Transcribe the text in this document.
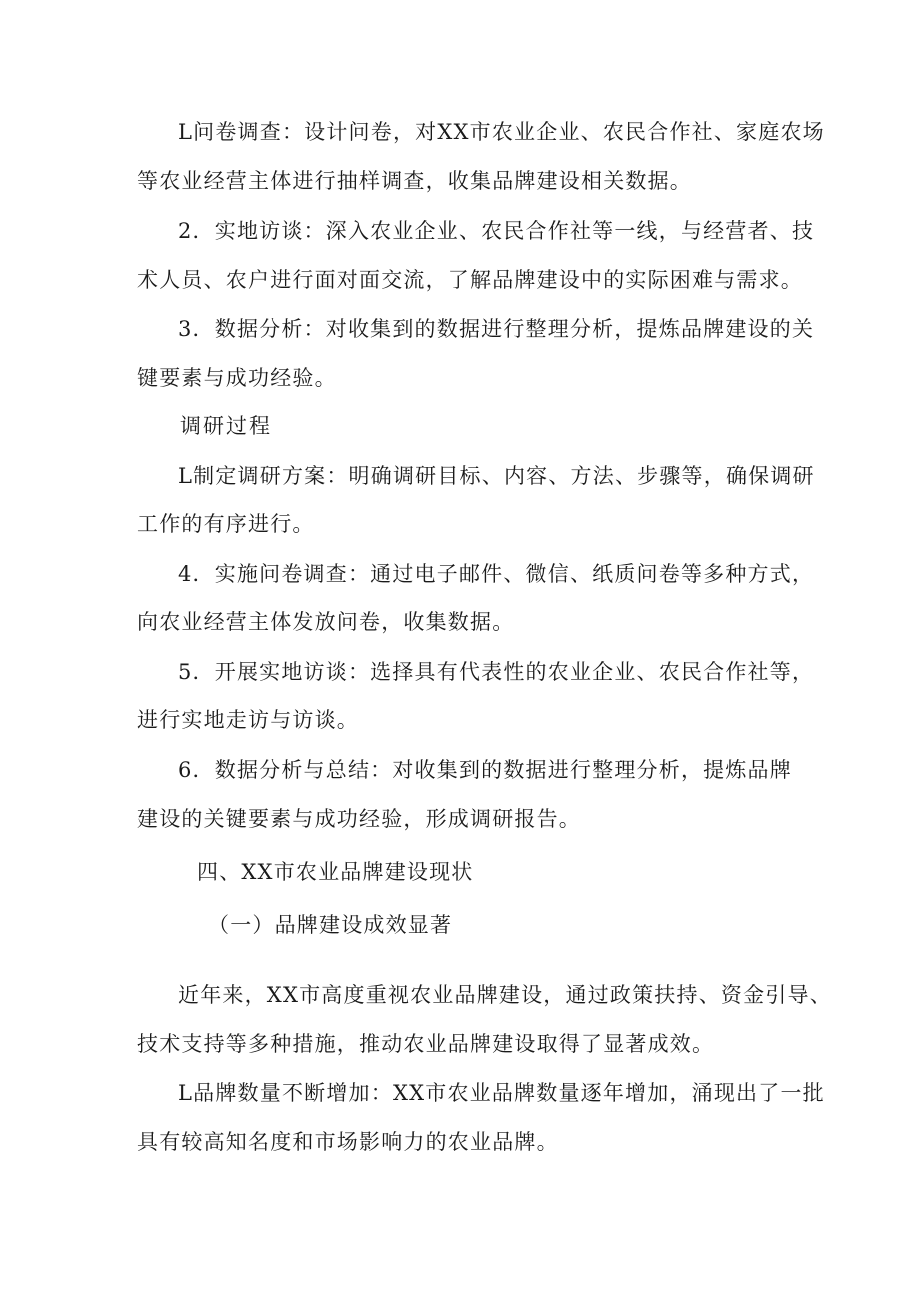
L问卷调查：设计问卷，对XX市农业企业、农民合作社、家庭农场
等农业经营主体进行抽样调查，收集品牌建设相关数据。
2．实地访谈：深入农业企业、农民合作社等一线，与经营者、技
术人员、农户进行面对面交流，了解品牌建设中的实际困难与需求。
3．数据分析：对收集到的数据进行整理分析，提炼品牌建设的关
键要素与成功经验。
调研过程
L制定调研方案：明确调研目标、内容、方法、步骤等，确保调研
工作的有序进行。
4．实施问卷调查：通过电子邮件、微信、纸质问卷等多种方式，
向农业经营主体发放问卷，收集数据。
5．开展实地访谈：选择具有代表性的农业企业、农民合作社等，
进行实地走访与访谈。
6．数据分析与总结：对收集到的数据进行整理分析，提炼品牌
建设的关键要素与成功经验，形成调研报告。
四、XX市农业品牌建设现状
（一）品牌建设成效显著
近年来，XX市高度重视农业品牌建设，通过政策扶持、资金引导、
技术支持等多种措施，推动农业品牌建设取得了显著成效。
L品牌数量不断增加：XX市农业品牌数量逐年增加，涌现出了一批
具有较高知名度和市场影响力的农业品牌。
